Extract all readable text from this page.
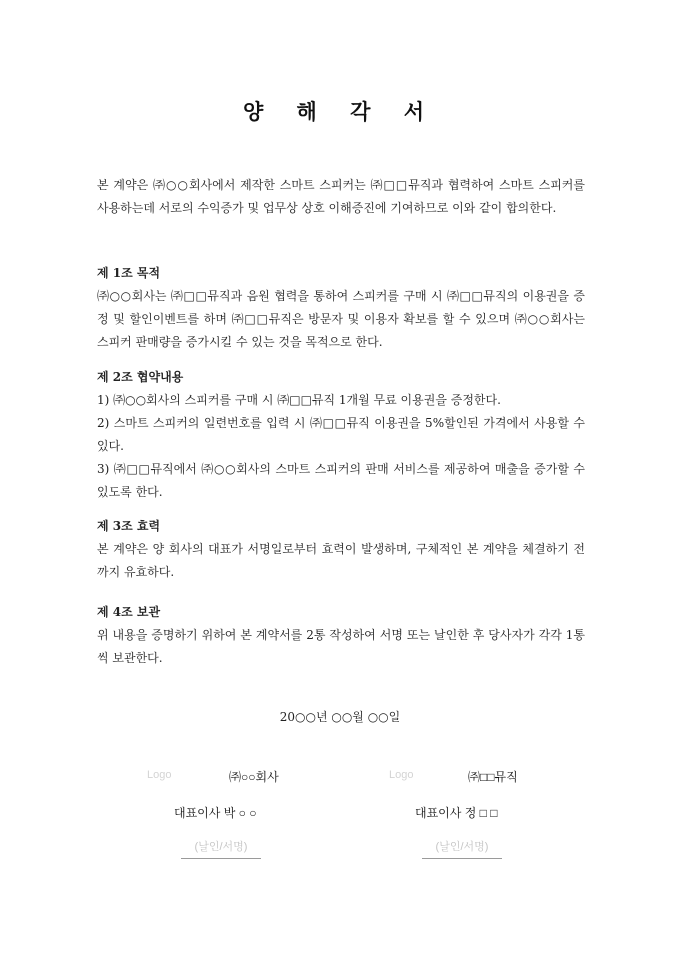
양 해 각 서

본 계약은 ㈜○○회사에서 제작한 스마트 스피커는 ㈜□□뮤직과 협력하여 스마트 스피커를 사용하는데 서로의 수익증가 및 업무상 상호 이해증진에 기여하므로 이와 같이 합의한다.

제 1조 목적

㈜○○회사는 ㈜□□뮤직과 음원 협력을 통하여 스피커를 구매 시 ㈜□□뮤직의 이용권을 증정 및 할인이벤트를 하며 ㈜□□뮤직은 방문자 및 이용자 확보를 할 수 있으며 ㈜○○회사는 스피커 판매량을 증가시킬 수 있는 것을 목적으로 한다.

제 2조 협약내용

1) ㈜○○회사의 스피커를 구매 시 ㈜□□뮤직 1개월 무료 이용권을 증정한다.

2) 스마트 스피커의 일련번호를 입력 시 ㈜□□뮤직 이용권을 5%할인된 가격에서 사용할 수 있다.

3) ㈜□□뮤직에서 ㈜○○회사의 스마트 스피커의 판매 서비스를 제공하여 매출을 증가할 수 있도록 한다.

제 3조 효력

본 계약은 양 회사의 대표가 서명일로부터 효력이 발생하며, 구체적인 본 계약을 체결하기 전까지 유효하다.

제 4조 보관

위 내용을 증명하기 위하여 본 계약서를 2통 작성하여 서명 또는 날인한 후 당사자가 각각 1통씩 보관한다.

20○○년 ○○월 ○○일
Logo	㈜○○회사
대표이사 박 ○ ○
(날인/서명)
Logo	㈜□□뮤직
대표이사 정 □ □
(날인/서명)
